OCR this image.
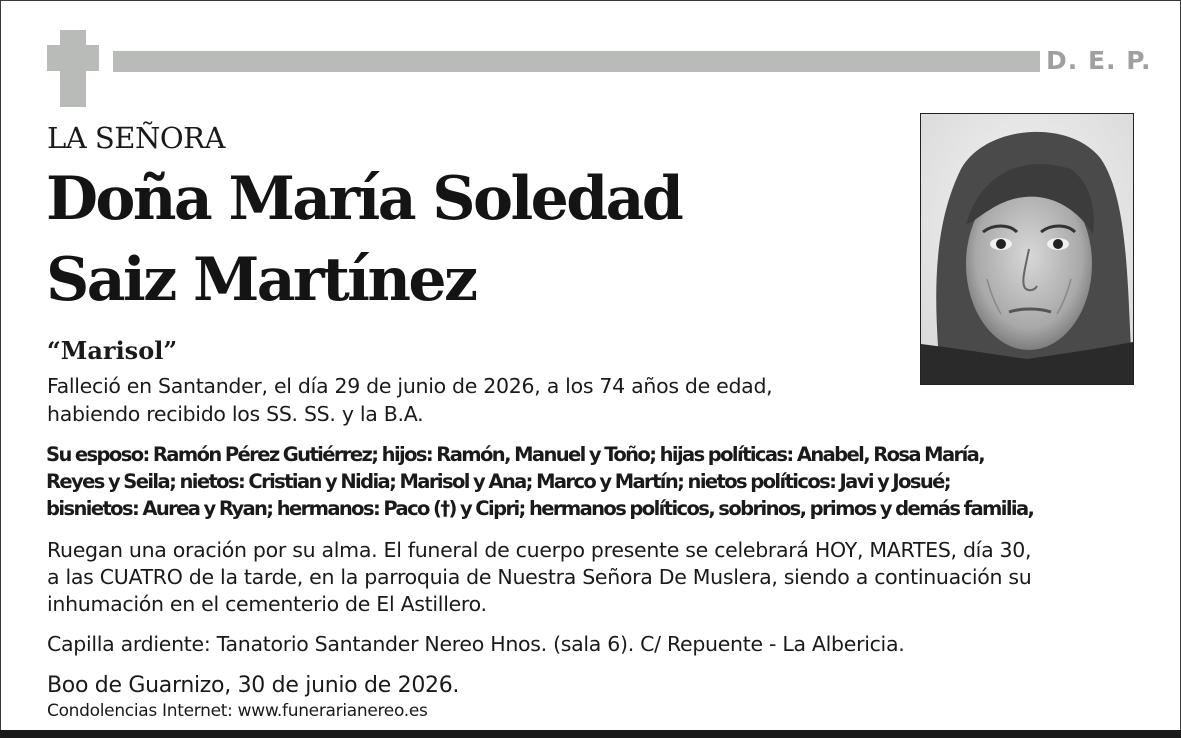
D. E. P.
LA SEÑORA
Doña María Soledad
Saiz Martínez
“Marisol”
Falleció en Santander, el día 29 de junio de 2026, a los 74 años de edad,
habiendo recibido los SS. SS. y la B.A.
Su esposo: Ramón Pérez Gutiérrez; hijos: Ramón, Manuel y Toño; hijas políticas: Anabel, Rosa María,
Reyes y Seila; nietos: Cristian y Nidia; Marisol y Ana; Marco y Martín; nietos políticos: Javi y Josué;
bisnietos: Aurea y Ryan; hermanos: Paco (†) y Cipri; hermanos políticos, sobrinos, primos y demás familia,
Ruegan una oración por su alma. El funeral de cuerpo presente se celebrará HOY, MARTES, día 30,
a las CUATRO de la tarde, en la parroquia de Nuestra Señora De Muslera, siendo a continuación su
inhumación en el cementerio de El Astillero.
Capilla ardiente: Tanatorio Santander Nereo Hnos. (sala 6). C/ Repuente - La Albericia.
Boo de Guarnizo, 30 de junio de 2026.
Condolencias Internet: www.funerarianereo.es
